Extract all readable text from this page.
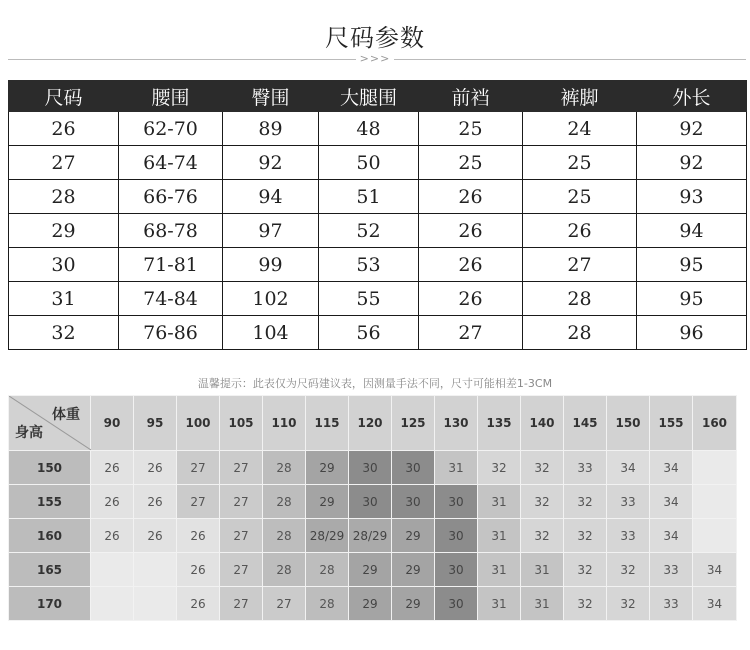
尺码参数
>>>
尺码	腰围	臀围	大腿围	前裆	裤脚	外长
26	62-70	89	48	25	24	92
27	64-74	92	50	25	25	92
28	66-76	94	51	26	25	93
29	68-78	97	52	26	26	94
30	71-81	99	53	26	27	95
31	74-84	102	55	26	28	95
32	76-86	104	56	27	28	96
温馨提示：此表仅为尺码建议表，因测量手法不同，尺寸可能相差1-3CM
体重
身高	90	95	100	105	110	115	120	125	130	135	140	145	150	155	160
150	26	26	27	27	28	29	30	30	31	32	32	33	34	34	
155	26	26	27	27	28	29	30	30	30	31	32	32	33	34	
160	26	26	26	27	28	28/29	28/29	29	30	31	32	32	33	34	
165			26	27	28	28	29	29	30	31	31	32	32	33	34
170			26	27	27	28	29	29	30	31	31	32	32	33	34
